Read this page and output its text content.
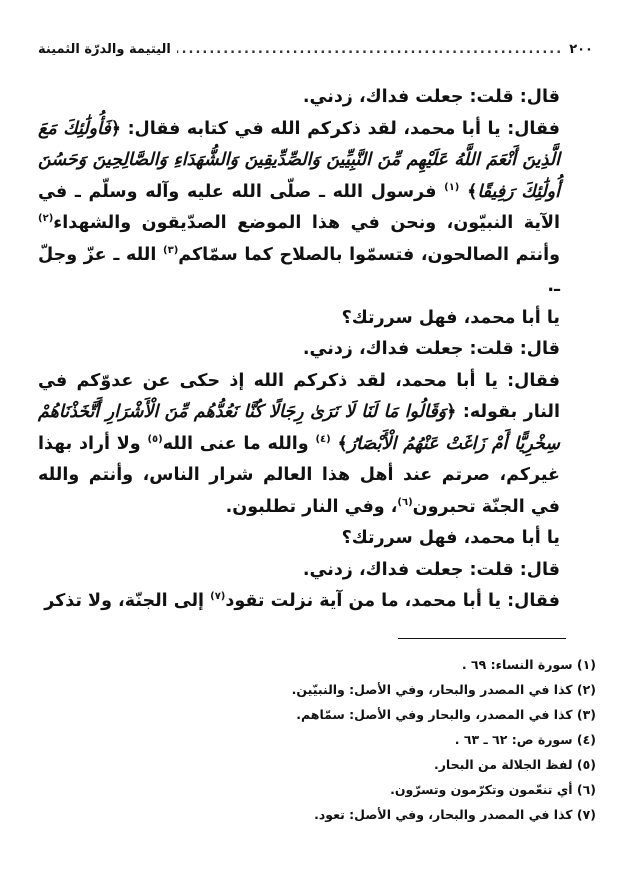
٢٠٠
.....
اليتيمة والدرّة الثمينة

قال: قلت: جعلت فداك، زدني.

فقال: يا أبا محمد، لقد ذكركم الله في كتابه فقال: ﴿فَأُولَٰئِكَ مَعَ الَّذِينَ أَنْعَمَ اللَّهُ عَلَيْهِم مِّنَ النَّبِيِّينَ وَالصِّدِّيقِينَ وَالشُّهَدَاءِ وَالصَّالِحِينَ وَحَسُنَ أُولَٰئِكَ رَفِيقًا﴾ $^{(١)}$ فرسول الله ـ صلّى الله عليه وآله وسلّم ـ في الآية النبيّون، ونحن في هذا الموضع الصدّيقون والشهداء$^{(٢)}$ وأنتم الصالحون، فتسمّوا بالصلاح كما سمّاكم$^{(٣)}$ الله ـ عزّ وجلّ ـ.

يا أبا محمد، فهل سررتك؟

قال: قلت: جعلت فداك، زدني.

فقال: يا أبا محمد، لقد ذكركم الله إذ حكى عن عدوّكم في النار بقوله: ﴿وَقَالُوا مَا لَنَا لَا نَرَىٰ رِجَالًا كُنَّا نَعُدُّهُم مِّنَ الْأَشْرَارِ أَتَّخَذْنَاهُمْ سِخْرِيًّا أَمْ زَاغَتْ عَنْهُمُ الْأَبْصَارُ﴾ $^{(٤)}$ والله ما عنى الله$^{(٥)}$ ولا أراد بهذا غيركم، صرتم عند أهل هذا العالم شرار الناس، وأنتم والله في الجنّة تحبرون$^{(٦)}$، وفي النار تطلبون.

يا أبا محمد، فهل سررتك؟

قال: قلت: جعلت فداك، زدني.

فقال: يا أبا محمد، ما من آية نزلت تقود$^{(٧)}$ إلى الجنّة، ولا تذكر

(١) سورة النساء: ٦٩ .
(٢) كذا في المصدر والبحار، وفي الأصل: والنبيّين.
(٣) كذا في المصدر، والبحار وفي الأصل: سمّاهم.
(٤) سورة ص: ٦٢ ـ ٦٣ .
(٥) لفظ الجلالة من البحار.
(٦) أي تنعّمون وتكرّمون وتسرّون.
(٧) كذا في المصدر والبحار، وفي الأصل: تعود.
